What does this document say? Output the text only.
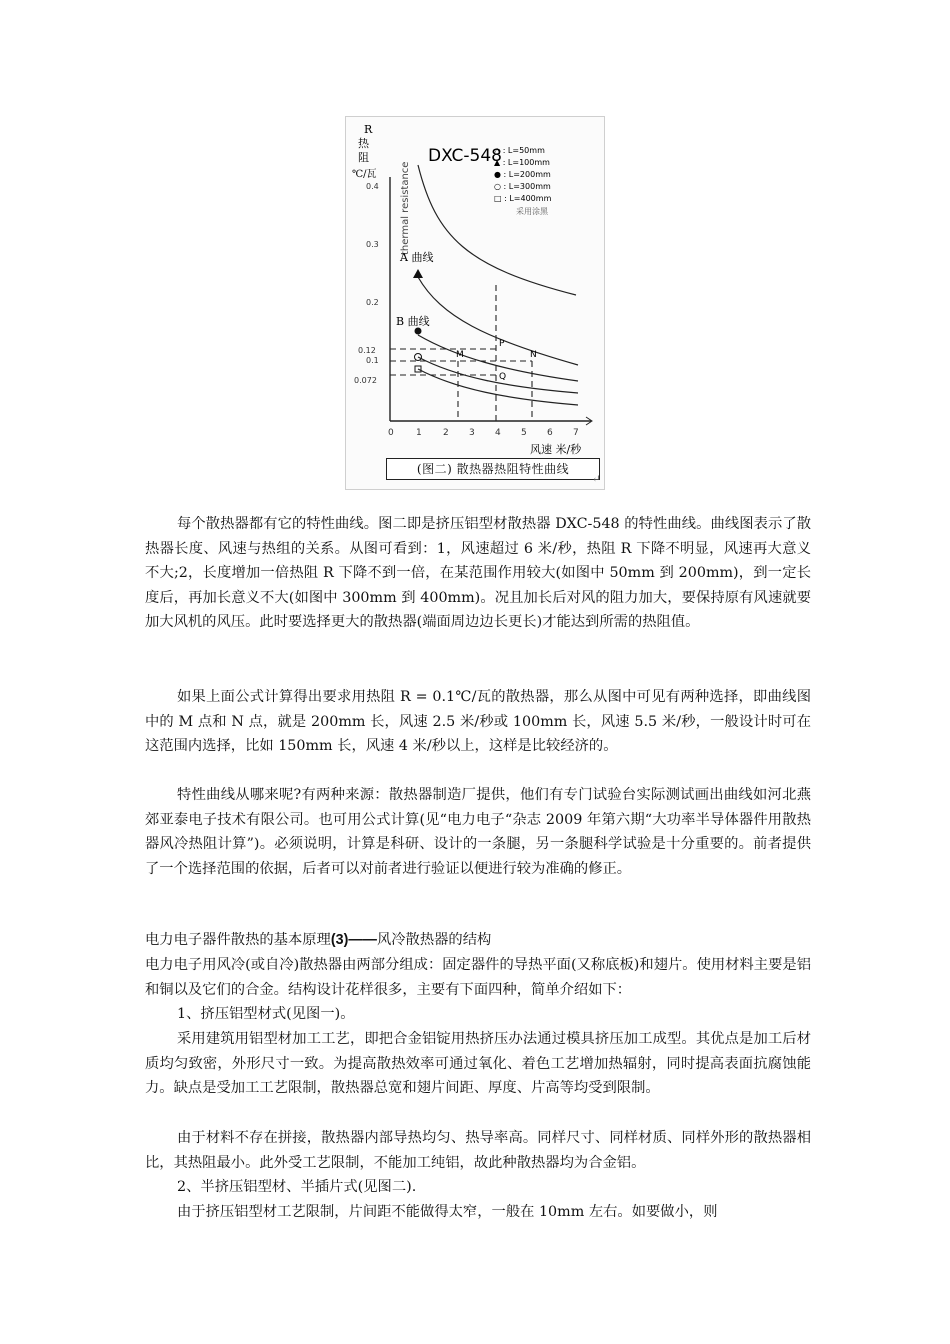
R
热
阻
℃/瓦 thermal resistance
DXC-548
△ : L=50mm
▲ : L=100mm
● : L=200mm
○ : L=300mm
□ : L=400mm
采用涂黑
0.4
0.3
0.2
0.12
0.1
0.072
0 1 2 3 4 5 6 7
风速 米/秒
A 曲线
B 曲线
M
P
N
Q
(图二) 散热器热阻特性曲线
↵

每个散热器都有它的特性曲线。图二即是挤压铝型材散热器 DXC-548 的特性曲线。曲线图表示了散热器长度、风速与热组的关系。从图可看到：1，风速超过 6 米/秒，热阻 R 下降不明显，风速再大意义不大;2，长度增加一倍热阻 R 下降不到一倍，在某范围作用较大(如图中 50mm 到 200mm)，到一定长度后，再加长意义不大(如图中 300mm 到 400mm)。况且加长后对风的阻力加大，要保持原有风速就要加大风机的风压。此时要选择更大的散热器(端面周边边长更长)才能达到所需的热阻值。

如果上面公式计算得出要求用热阻 R = 0.1℃/瓦的散热器，那么从图中可见有两种选择，即曲线图中的 M 点和 N 点，就是 200mm 长，风速 2.5 米/秒或 100mm 长，风速 5.5 米/秒，一般设计时可在这范围内选择，比如 150mm 长，风速 4 米/秒以上，这样是比较经济的。

特性曲线从哪来呢?有两种来源：散热器制造厂提供，他们有专门试验台实际测试画出曲线如河北燕郊亚泰电子技术有限公司。也可用公式计算(见“电力电子“杂志 2009 年第六期“大功率半导体器件用散热器风冷热阻计算”)。必须说明，计算是科研、设计的一条腿，另一条腿科学试验是十分重要的。前者提供了一个选择范围的依据，后者可以对前者进行验证以便进行较为准确的修正。

电力电子器件散热的基本原理(3)——风冷散热器的结构

电力电子用风冷(或自冷)散热器由两部分组成：固定器件的导热平面(又称底板)和翅片。使用材料主要是铝和铜以及它们的合金。结构设计花样很多，主要有下面四种，简单介绍如下：

1、挤压铝型材式(见图一)。

采用建筑用铝型材加工工艺，即把合金铝锭用热挤压办法通过模具挤压加工成型。其优点是加工后材质均匀致密，外形尺寸一致。为提高散热效率可通过氧化、着色工艺增加热辐射，同时提高表面抗腐蚀能力。缺点是受加工工艺限制，散热器总宽和翅片间距、厚度、片高等均受到限制。

由于材料不存在拼接，散热器内部导热均匀、热导率高。同样尺寸、同样材质、同样外形的散热器相比，其热阻最小。此外受工艺限制，不能加工纯铝，故此种散热器均为合金铝。

2、半挤压铝型材、半插片式(见图二).

由于挤压铝型材工艺限制，片间距不能做得太窄，一般在 10mm 左右。如要做小，则
